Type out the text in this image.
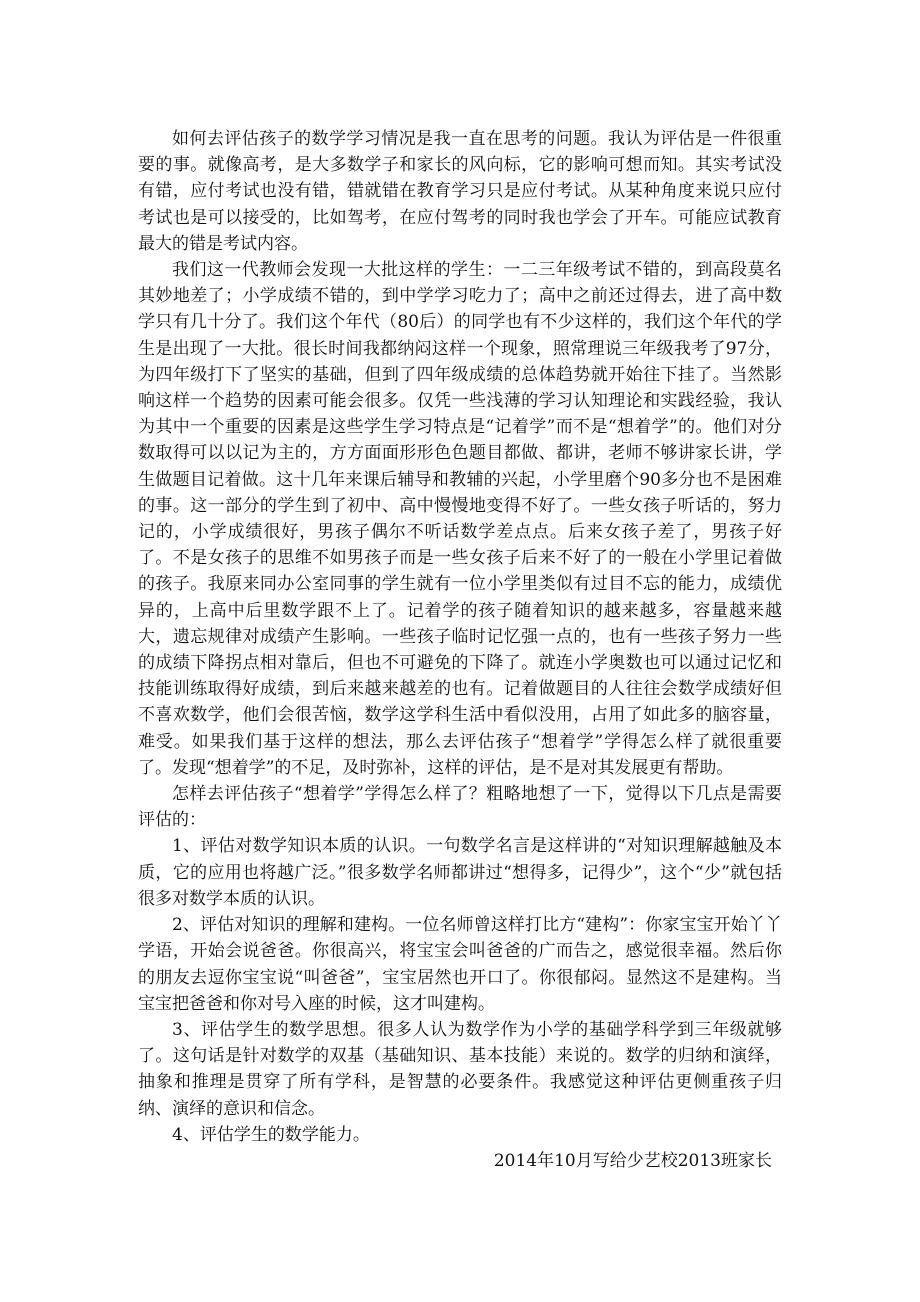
如何去评估孩子的数学学习情况是我一直在思考的问题。我认为评估是一件很重要的事。就像高考，是大多数学子和家长的风向标，它的影响可想而知。其实考试没有错，应付考试也没有错，错就错在教育学习只是应付考试。从某种角度来说只应付考试也是可以接受的，比如驾考，在应付驾考的同时我也学会了开车。可能应试教育最大的错是考试内容。

我们这一代教师会发现一大批这样的学生：一二三年级考试不错的，到高段莫名其妙地差了；小学成绩不错的，到中学学习吃力了；高中之前还过得去，进了高中数学只有几十分了。我们这个年代（80后）的同学也有不少这样的，我们这个年代的学生是出现了一大批。很长时间我都纳闷这样一个现象，照常理说三年级我考了97分，为四年级打下了坚实的基础，但到了四年级成绩的总体趋势就开始往下挂了。当然影响这样一个趋势的因素可能会很多。仅凭一些浅薄的学习认知理论和实践经验，我认为其中一个重要的因素是这些学生学习特点是“记着学”而不是“想着学”的。他们对分数取得可以以记为主的，方方面面形形色色题目都做、都讲，老师不够讲家长讲，学生做题目记着做。这十几年来课后辅导和教辅的兴起，小学里磨个90多分也不是困难的事。这一部分的学生到了初中、高中慢慢地变得不好了。一些女孩子听话的，努力记的，小学成绩很好，男孩子偶尔不听话数学差点点。后来女孩子差了，男孩子好了。不是女孩子的思维不如男孩子而是一些女孩子后来不好了的一般在小学里记着做的孩子。我原来同办公室同事的学生就有一位小学里类似有过目不忘的能力，成绩优异的，上高中后里数学跟不上了。记着学的孩子随着知识的越来越多，容量越来越大，遗忘规律对成绩产生影响。一些孩子临时记忆强一点的，也有一些孩子努力一些的成绩下降拐点相对靠后，但也不可避免的下降了。就连小学奥数也可以通过记忆和技能训练取得好成绩，到后来越来越差的也有。记着做题目的人往往会数学成绩好但不喜欢数学，他们会很苦恼，数学这学科生活中看似没用，占用了如此多的脑容量，难受。如果我们基于这样的想法，那么去评估孩子“想着学”学得怎么样了就很重要了。发现“想着学”的不足，及时弥补，这样的评估，是不是对其发展更有帮助。

怎样去评估孩子“想着学”学得怎么样了？粗略地想了一下，觉得以下几点是需要评估的：

1、评估对数学知识本质的认识。一句数学名言是这样讲的“对知识理解越触及本质，它的应用也将越广泛。”很多数学名师都讲过“想得多，记得少”，这个“少”就包括很多对数学本质的认识。

2、评估对知识的理解和建构。一位名师曾这样打比方“建构”：你家宝宝开始丫丫学语，开始会说爸爸。你很高兴，将宝宝会叫爸爸的广而告之，感觉很幸福。然后你的朋友去逗你宝宝说“叫爸爸”，宝宝居然也开口了。你很郁闷。显然这不是建构。当宝宝把爸爸和你对号入座的时候，这才叫建构。

3、评估学生的数学思想。很多人认为数学作为小学的基础学科学到三年级就够了。这句话是针对数学的双基（基础知识、基本技能）来说的。数学的归纳和演绎，抽象和推理是贯穿了所有学科，是智慧的必要条件。我感觉这种评估更侧重孩子归纳、演绎的意识和信念。

4、评估学生的数学能力。

2014年10月写给少艺校2013班家长
